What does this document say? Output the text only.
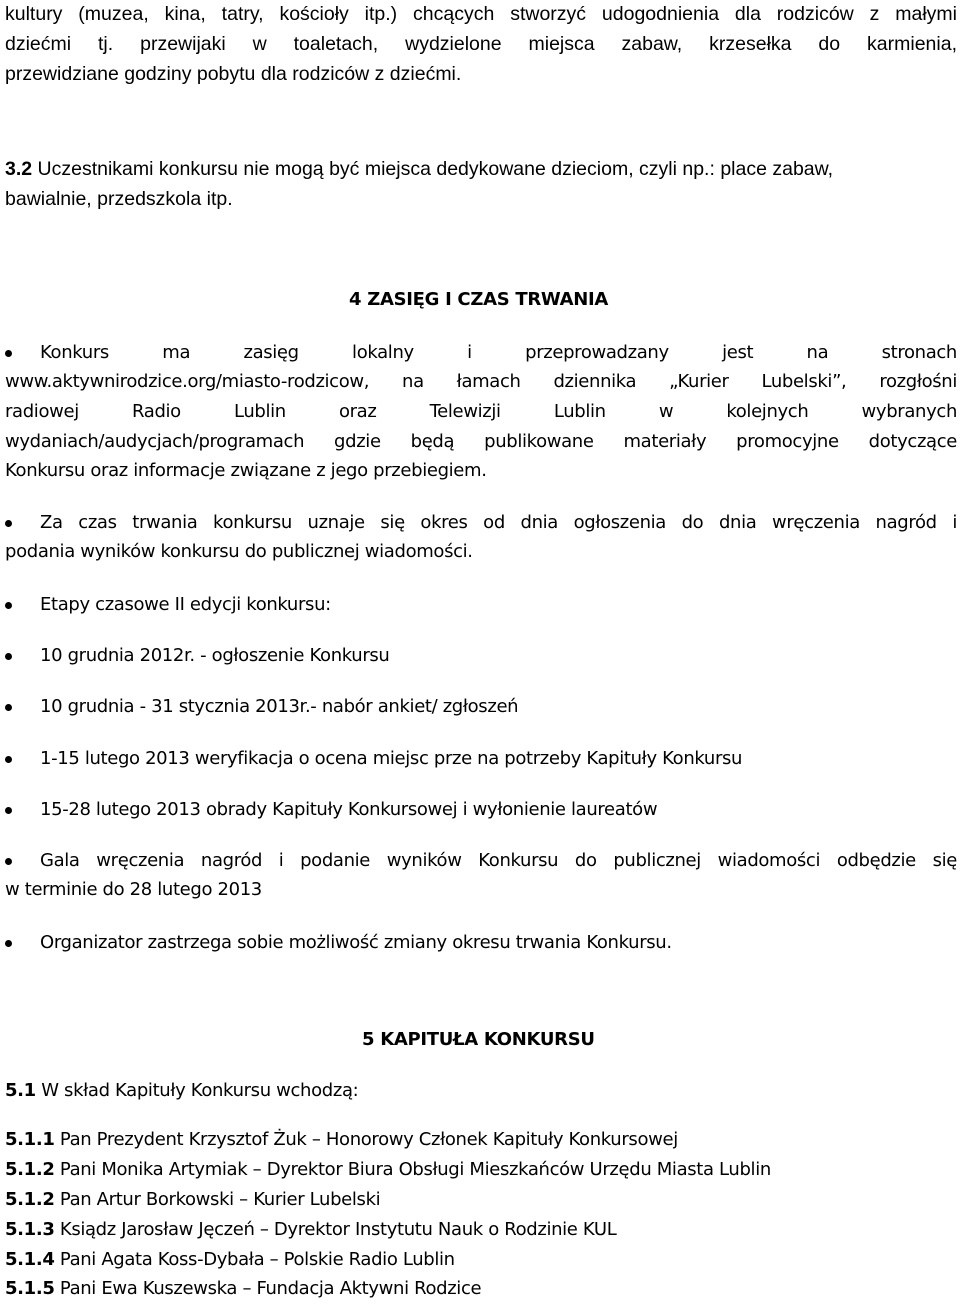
kultury (muzea, kina, tatry, kościoły itp.) chcących stworzyć udogodnienia dla rodziców z małymi
dziećmi tj. przewijaki w toaletach, wydzielone miejsca zabaw, krzesełka do karmienia,
przewidziane godziny pobytu dla rodziców z dziećmi.
3.2 Uczestnikami konkursu nie mogą być miejsca dedykowane dzieciom, czyli np.: place zabaw,
bawialnie, przedszkola itp.
4 ZASIĘG I CZAS TRWANIA
Konkurs ma zasięg lokalny i przeprowadzany jest na stronach
www.aktywnirodzice.org/miasto-rodzicow, na łamach dziennika „Kurier Lubelski”, rozgłośni
radiowej Radio Lublin oraz Telewizji Lublin w kolejnych wybranych
wydaniach/audycjach/programach gdzie będą publikowane materiały promocyjne dotyczące
Konkursu oraz informacje związane z jego przebiegiem.
Za czas trwania konkursu uznaje się okres od dnia ogłoszenia do dnia wręczenia nagród i
podania wyników konkursu do publicznej wiadomości.
Etapy czasowe II edycji konkursu:
10 grudnia 2012r. - ogłoszenie Konkursu
10 grudnia - 31 stycznia 2013r.- nabór ankiet/ zgłoszeń
1-15 lutego 2013 weryfikacja o ocena miejsc prze na potrzeby Kapituły Konkursu
15-28 lutego 2013 obrady Kapituły Konkursowej i wyłonienie laureatów
Gala wręczenia nagród i podanie wyników Konkursu do publicznej wiadomości odbędzie się
w terminie do 28 lutego 2013
Organizator zastrzega sobie możliwość zmiany okresu trwania Konkursu.
5 KAPITUŁA KONKURSU
5.1 W skład Kapituły Konkursu wchodzą:
5.1.1 Pan Prezydent Krzysztof Żuk – Honorowy Członek Kapituły Konkursowej
5.1.2 Pani Monika Artymiak – Dyrektor Biura Obsługi Mieszkańców Urzędu Miasta Lublin
5.1.2 Pan Artur Borkowski – Kurier Lubelski
5.1.3 Ksiądz Jarosław Jęczeń – Dyrektor Instytutu Nauk o Rodzinie KUL
5.1.4 Pani Agata Koss-Dybała – Polskie Radio Lublin
5.1.5 Pani Ewa Kuszewska – Fundacja Aktywni Rodzice
